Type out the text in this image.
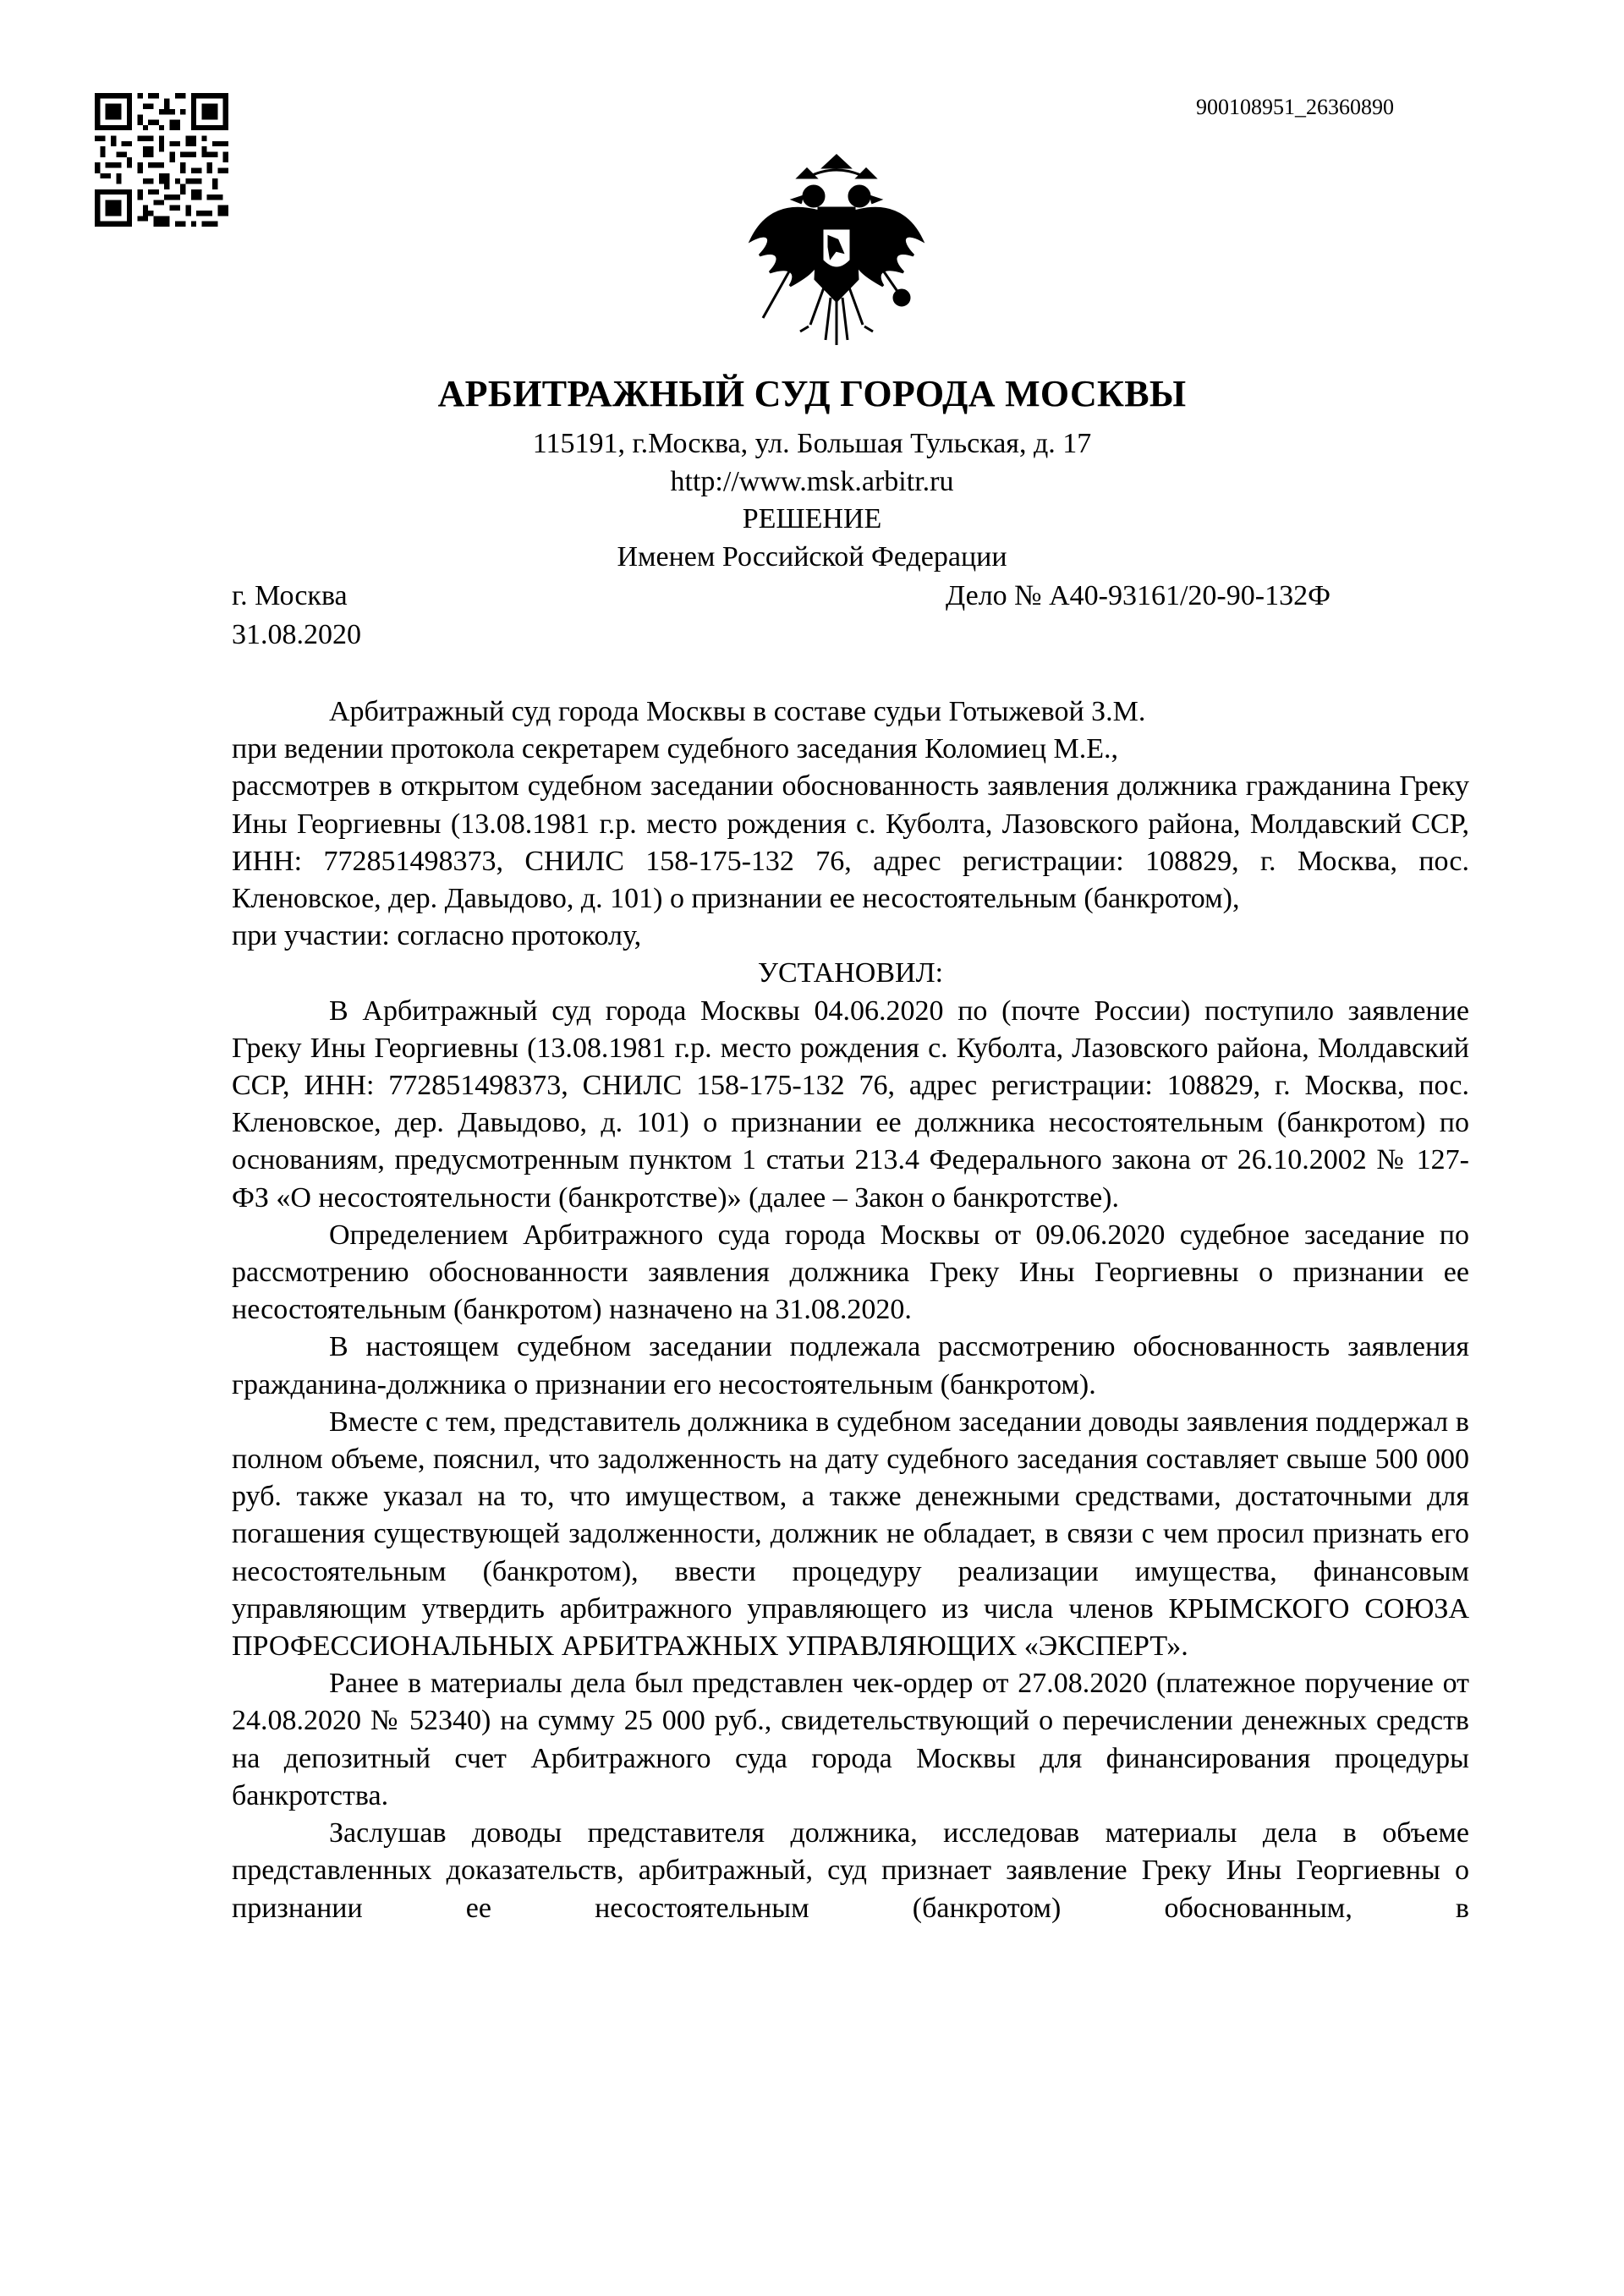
900108951_26360890
АРБИТРАЖНЫЙ СУД ГОРОДА МОСКВЫ
115191, г.Москва, ул. Большая Тульская, д. 17
http://www.msk.arbitr.ru
РЕШЕНИЕ
Именем Российской Федерации
г. Москва	Дело № А40-93161/20-90-132Ф
31.08.2020

Арбитражный суд города Москвы в составе судьи Готыжевой З.М.

при ведении протокола секретарем судебного заседания Коломиец М.Е.,

рассмотрев в открытом судебном заседании обоснованность заявления должника гражданина Греку Ины Георгиевны (13.08.1981 г.р. место рождения с. Куболта, Лазовского района, Молдавский ССР, ИНН: 772851498373, СНИЛС 158-175-132 76, адрес регистрации: 108829, г. Москва, пос. Кленовское, дер. Давыдово, д. 101) о признании ее несостоятельным (банкротом),

при участии: согласно протоколу,

УСТАНОВИЛ:

В Арбитражный суд города Москвы 04.06.2020 по (почте России) поступило заявление Греку Ины Георгиевны (13.08.1981 г.р. место рождения с. Куболта, Лазовского района, Молдавский ССР, ИНН: 772851498373, СНИЛС 158-175-132 76, адрес регистрации: 108829, г. Москва, пос. Кленовское, дер. Давыдово, д. 101) о признании ее должника несостоятельным (банкротом) по основаниям, предусмотренным пунктом 1 статьи 213.4 Федерального закона от 26.10.2002 № 127-ФЗ «О несостоятельности (банкротстве)» (далее – Закон о банкротстве).

Определением Арбитражного суда города Москвы от 09.06.2020 судебное заседание по рассмотрению обоснованности заявления должника Греку Ины Георгиевны о признании ее несостоятельным (банкротом) назначено на 31.08.2020.

В настоящем судебном заседании подлежала рассмотрению обоснованность заявления гражданина-должника о признании его несостоятельным (банкротом).

Вместе с тем, представитель должника в судебном заседании доводы заявления поддержал в полном объеме, пояснил, что задолженность на дату судебного заседания составляет свыше 500 000 руб. также указал на то, что имуществом, а также денежными средствами, достаточными для погашения существующей задолженности, должник не обладает, в связи с чем просил признать его несостоятельным (банкротом), ввести процедуру реализации имущества, финансовым управляющим утвердить арбитражного управляющего из числа членов КРЫМСКОГО СОЮЗА ПРОФЕССИОНАЛЬНЫХ АРБИТРАЖНЫХ УПРАВЛЯЮЩИХ «ЭКСПЕРТ».

Ранее в материалы дела был представлен чек-ордер от 27.08.2020 (платежное поручение от 24.08.2020 № 52340) на сумму 25 000 руб., свидетельствующий о перечислении денежных средств на депозитный счет Арбитражного суда города Москвы для финансирования процедуры банкротства.

Заслушав доводы представителя должника, исследовав материалы дела в объеме представленных доказательств, арбитражный, суд признает заявление Греку Ины Георгиевны о признании ее несостоятельным (банкротом) обоснованным, в
